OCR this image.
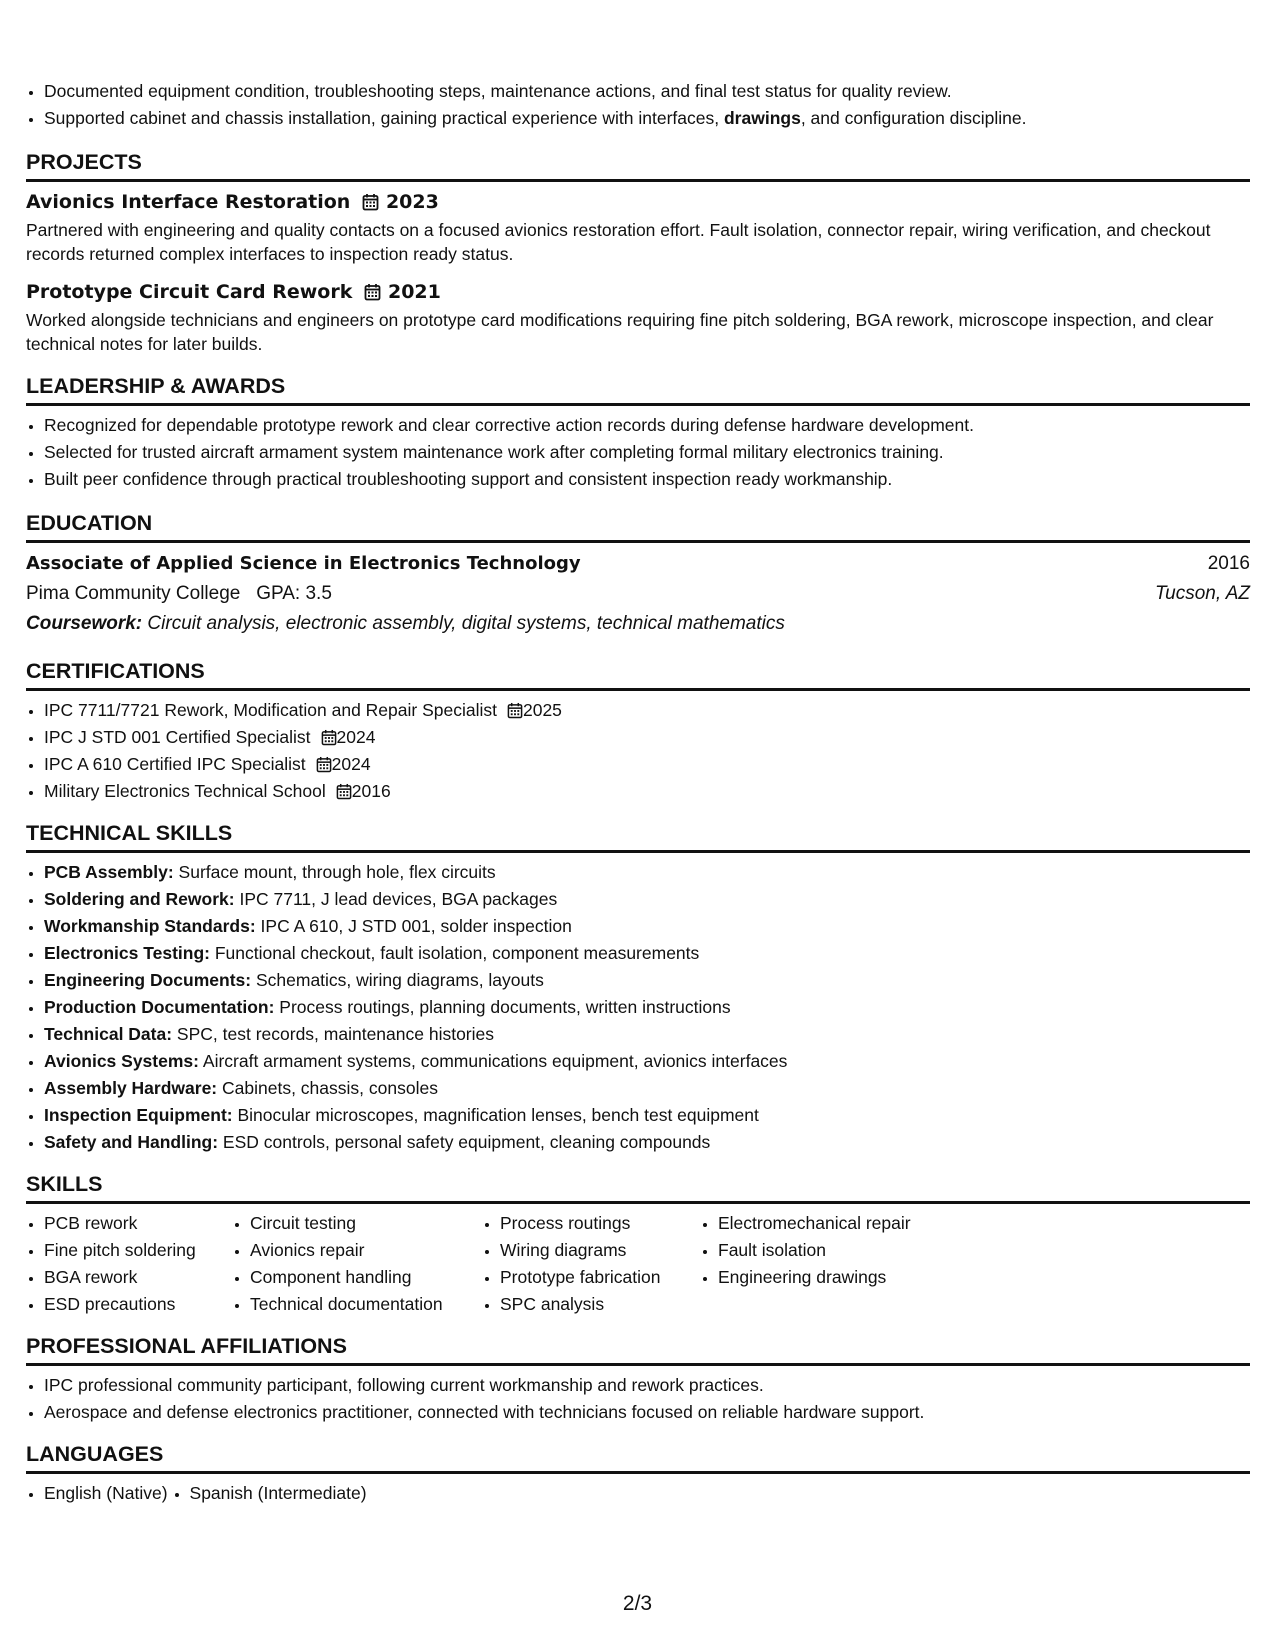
• Documented equipment condition, troubleshooting steps, maintenance actions, and final test status for quality review.
• Supported cabinet and chassis installation, gaining practical experience with interfaces, drawings, and configuration discipline.
PROJECTS
Avionics Interface Restoration	2023

Partnered with engineering and quality contacts on a focused avionics restoration effort. Fault isolation, connector repair, wiring verification, and checkout records returned complex interfaces to inspection ready status.

Prototype Circuit Card Rework	2021

Worked alongside technicians and engineers on prototype card modifications requiring fine pitch soldering, BGA rework, microscope inspection, and clear technical notes for later builds.

LEADERSHIP & AWARDS
• Recognized for dependable prototype rework and clear corrective action records during defense hardware development.
• Selected for trusted aircraft armament system maintenance work after completing formal military electronics training.
• Built peer confidence through practical troubleshooting support and consistent inspection ready workmanship.
EDUCATION
Associate of Applied Science in Electronics Technology	2016
Pima Community College GPA: 3.5	Tucson, AZ
Coursework: Circuit analysis, electronic assembly, digital systems, technical mathematics
CERTIFICATIONS
• IPC 7711/7721 Rework, Modification and Repair Specialist 2025
• IPC J STD 001 Certified Specialist 2024
• IPC A 610 Certified IPC Specialist 2024
• Military Electronics Technical School 2016
TECHNICAL SKILLS
• PCB Assembly: Surface mount, through hole, flex circuits
• Soldering and Rework: IPC 7711, J lead devices, BGA packages
• Workmanship Standards: IPC A 610, J STD 001, solder inspection
• Electronics Testing: Functional checkout, fault isolation, component measurements
• Engineering Documents: Schematics, wiring diagrams, layouts
• Production Documentation: Process routings, planning documents, written instructions
• Technical Data: SPC, test records, maintenance histories
• Avionics Systems: Aircraft armament systems, communications equipment, avionics interfaces
• Assembly Hardware: Cabinets, chassis, consoles
• Inspection Equipment: Binocular microscopes, magnification lenses, bench test equipment
• Safety and Handling: ESD controls, personal safety equipment, cleaning compounds
SKILLS
• PCB rework
• Fine pitch soldering
• BGA rework
• ESD precautions
• Circuit testing
• Avionics repair
• Component handling
• Technical documentation
• Process routings
• Wiring diagrams
• Prototype fabrication
• SPC analysis
• Electromechanical repair
• Fault isolation
• Engineering drawings
PROFESSIONAL AFFILIATIONS
• IPC professional community participant, following current workmanship and rework practices.
• Aerospace and defense electronics practitioner, connected with technicians focused on reliable hardware support.
LANGUAGES
• English (Native) • Spanish (Intermediate)
2/3
